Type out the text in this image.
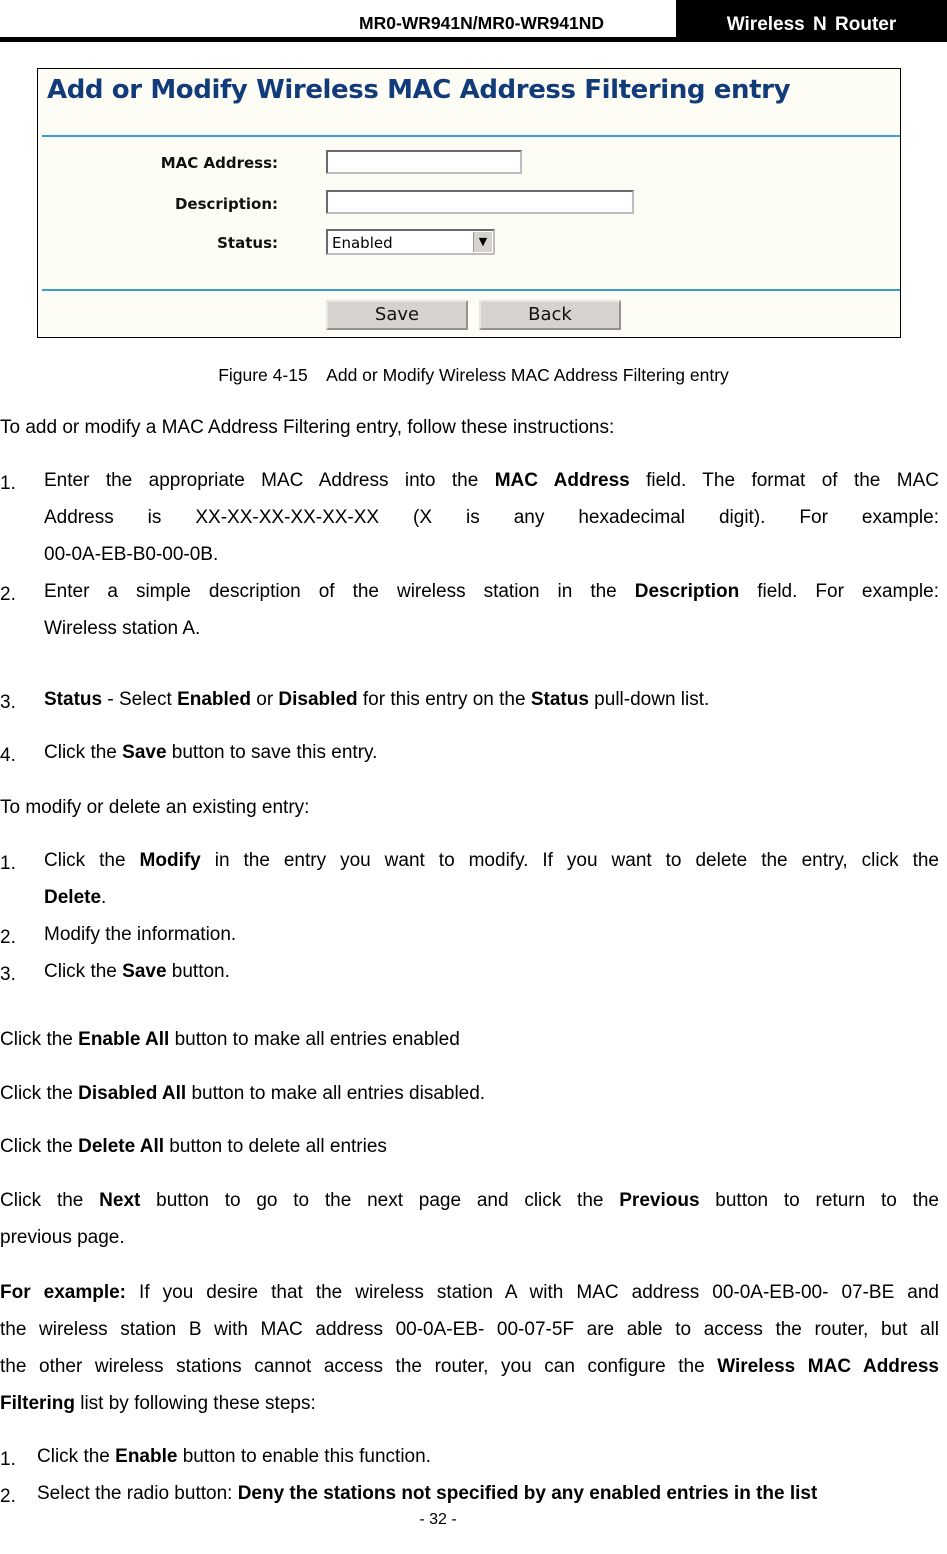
MR0-WR941N/MR0-WR941ND	Wireless N Router
Add or Modify Wireless MAC Address Filtering entry
MAC Address:
Description:
Status:	Enabled	▼
Save	Back
Figure 4-15    Add or Modify Wireless MAC Address Filtering entry
To add or modify a MAC Address Filtering entry, follow these instructions:
1. Enter the appropriate MAC Address into the MAC Address field. The format of the MAC
Address is XX-XX-XX-XX-XX-XX (X is any hexadecimal digit). For example:
00-0A-EB-B0-00-0B.
2. Enter a simple description of the wireless station in the Description field. For example:
Wireless station A.
3. Status - Select Enabled or Disabled for this entry on the Status pull-down list.
4. Click the Save button to save this entry.
To modify or delete an existing entry:
1. Click the Modify in the entry you want to modify. If you want to delete the entry, click the
Delete.
2. Modify the information.
3. Click the Save button.
Click the Enable All button to make all entries enabled
Click the Disabled All button to make all entries disabled.
Click the Delete All button to delete all entries
Click the Next button to go to the next page and click the Previous button to return to the
previous page.
For example: If you desire that the wireless station A with MAC address 00-0A-EB-00- 07-BE and
the wireless station B with MAC address 00-0A-EB- 00-07-5F are able to access the router, but all
the other wireless stations cannot access the router, you can configure the Wireless MAC Address
Filtering list by following these steps:
1. Click the Enable button to enable this function.
2. Select the radio button: Deny the stations not specified by any enabled entries in the list
- 32 -
